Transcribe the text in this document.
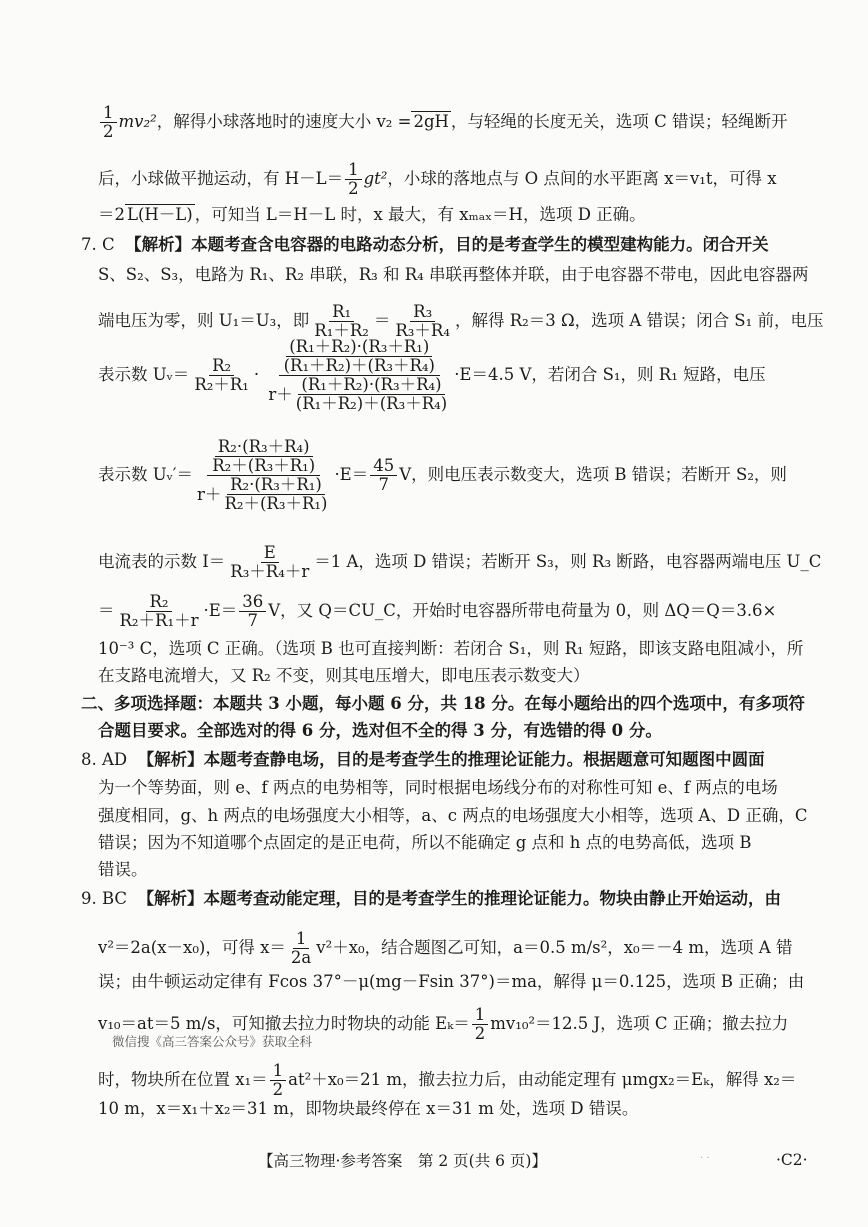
$\frac{1}{2} mv_2^2$，解得小球落地时的速度大小 v₂ = 2gH ，与轻绳的长度无关，选项 C 错误；轻绳断开
后，小球做平抛运动，有 $H-L= \frac{1}{2} gt^2$，小球的落地点与 O 点间的水平距离 x＝v₁t，可得 x
＝2 L(H－L) ，可知当 L＝H－L 时，x 最大，有 xₘₐₓ＝H，选项 D 正确。
7. C 【解析】本题考查含电容器的电路动态分析，目的是考查学生的模型建构能力。闭合开关
S、S₂、S₃，电路为 R₁、R₂ 串联，R₃ 和 R₄ 串联再整体并联，由于电容器不带电，因此电容器两
端电压为零，则 U₁＝U₃，即 $\frac{\text{R₁}}{\text{R₁＋R₂}} = \frac{\text{R₃}}{\text{R₃＋R₄}}$ ，解得 R₂＝3 Ω，选项 A 错误；闭合 S₁ 前，电压
表示数 Uᵥ＝ $\frac{\text{R₂}}{\text{R₂＋R₁}} \cdot \frac{\frac{\text{(R₁＋R₂)·(R₃＋R₁)}}{\text{(R₁＋R₂)＋(R₃＋R₄)}}}{r+ \frac{\text{(R₁＋R₂)·(R₃＋R₄)}}{\text{(R₁＋R₂)＋(R₃＋R₄)}}} \cdot E=4.5$ V，若闭合 S₁，则 R₁ 短路，电压
表示数 Uᵥ′＝ $\frac{\frac{\text{R₂·(R₃＋R₄)}}{\text{R₂＋(R₃＋R₁)}}}{r+ \frac{\text{R₂·(R₃＋R₁)}}{\text{R₂＋(R₃＋R₁)}}} \cdot E= \frac{45}{7}$ V，则电压表示数变大，选项 B 错误；若断开 S₂，则
电流表的示数 $I= \frac{E}{\text{R₃＋R₄＋r}} =1$ A，选项 D 错误；若断开 S₃，则 R₃ 断路，电容器两端电压 U_C
＝ $\frac{\text{R₂}}{\text{R₂＋R₁＋r}} \cdot E= \frac{36}{7}$ V，又 Q＝CU_C，开始时电容器所带电荷量为 0，则 ΔQ＝Q＝3.6×
10⁻³ C，选项 C 正确。（选项 B 也可直接判断：若闭合 S₁，则 R₁ 短路，即该支路电阻减小，所
在支路电流增大，又 R₂ 不变，则其电压增大，即电压表示数变大）
二、多项选择题：本题共 3 小题，每小题 6 分，共 18 分。在每小题给出的四个选项中，有多项符
合题目要求。全部选对的得 6 分，选对但不全的得 3 分，有选错的得 0 分。
8. AD 【解析】本题考查静电场，目的是考查学生的推理论证能力。根据题意可知题图中圆面
为一个等势面，则 e、f 两点的电势相等，同时根据电场线分布的对称性可知 e、f 两点的电场
强度相同，g、h 两点的电场强度大小相等，a、c 两点的电场强度大小相等，选项 A、D 正确，C
错误；因为不知道哪个点固定的是正电荷，所以不能确定 g 点和 h 点的电势高低，选项 B
错误。
9. BC 【解析】本题考查动能定理，目的是考查学生的推理论证能力。物块由静止开始运动，由
v²＝2a(x－x₀)，可得 $x= \frac{1}{2a} v^2+x_0$，结合题图乙可知，a＝0.5 m/s²，x₀＝－4 m，选项 A 错
误；由牛顿运动定律有 Fcos 37°－μ(mg－Fsin 37°)＝ma，解得 μ＝0.125，选项 B 正确；由
v₁₀＝at＝5 m/s，可知撤去拉力时物块的动能 $E_k= \frac{1}{2} mv_{10}^2=12.5$ J，选项 C 正确；撤去拉力
微信搜《高三答案公众号》获取全科
时，物块所在位置 $x_1= \frac{1}{2} at^2+x_0=21$ m，撤去拉力后，由动能定理有 μmgx₂＝Eₖ，解得 x₂＝
10 m，x＝x₁＋x₂＝31 m，即物块最终停在 x＝31 m 处，选项 D 错误。
【高三物理·参考答案　第 2 页(共 6 页)】	· ·	·C2·
